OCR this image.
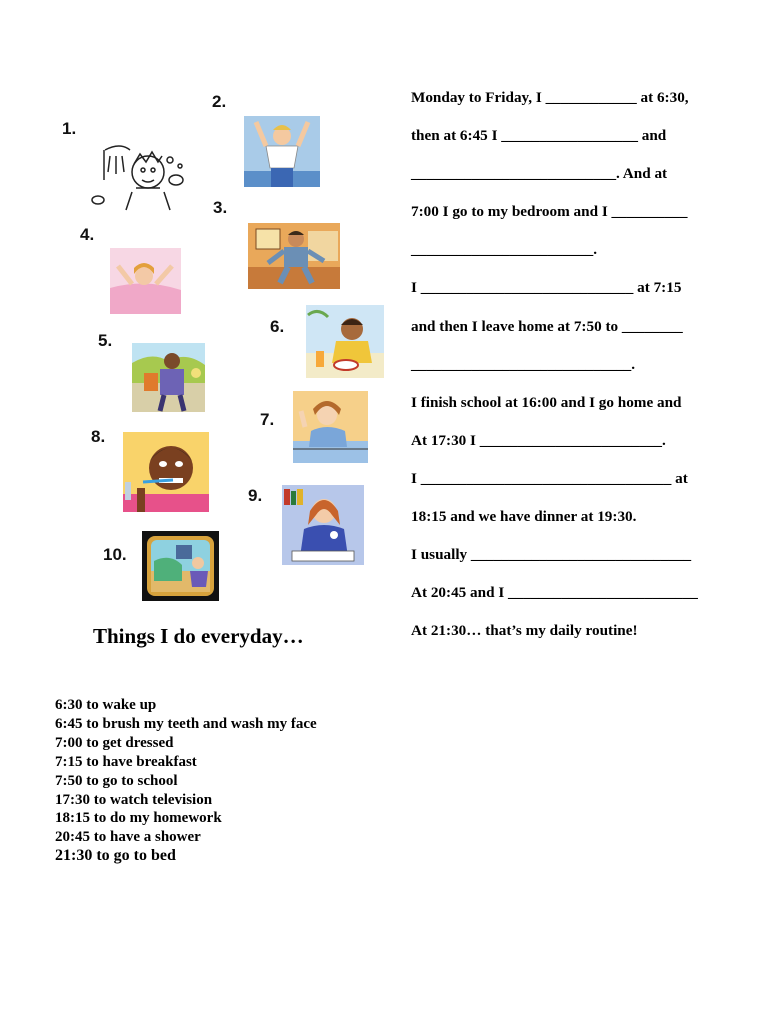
1.
2.
3.
4.
5.
6.
7.
8.
9.
10.
Things I do everyday…
6:30 to wake up
6:45 to brush my teeth and wash my face
7:00 to get dressed
7:15 to have breakfast
7:50 to go to school
17:30 to watch television
18:15 to do my homework
20:45 to have a shower
21:30 to go to bed
Monday to Friday, I ____________ at 6:30,
then at 6:45 I __________________ and
___________________________. And at
7:00 I go to my bedroom and I __________
________________________.
I ____________________________ at 7:15
and then I leave home at 7:50 to ________
_____________________________.
I finish school at 16:00 and I go home and
At 17:30 I ________________________.
I _________________________________ at
18:15 and we have dinner at 19:30.
I usually _____________________________
At 20:45 and I _________________________
At 21:30… that’s my daily routine!
